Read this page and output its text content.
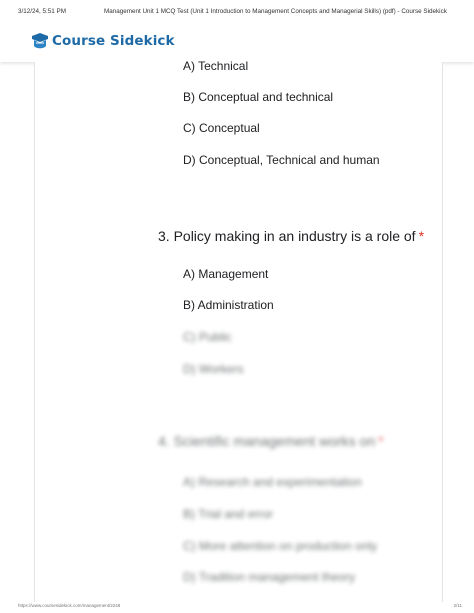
3/12/24, 5:51 PM	Management Unit 1 MCQ Test (Unit 1 Introduction to Management Concepts and Managerial Skills) (pdf) - Course Sidekick
Course Sidekick
A) Technical
B) Conceptual and technical
C) Conceptual
D) Conceptual, Technical and human
3. Policy making in an industry is a role of *
A) Management
B) Administration
C) Public
D) Workers
4. Scientific management works on *
A) Research and experimentation
B) Trial and error
C) More attention on production only
D) Tradition management theory
https://www.coursesidekick.com/management/2248	2/11
